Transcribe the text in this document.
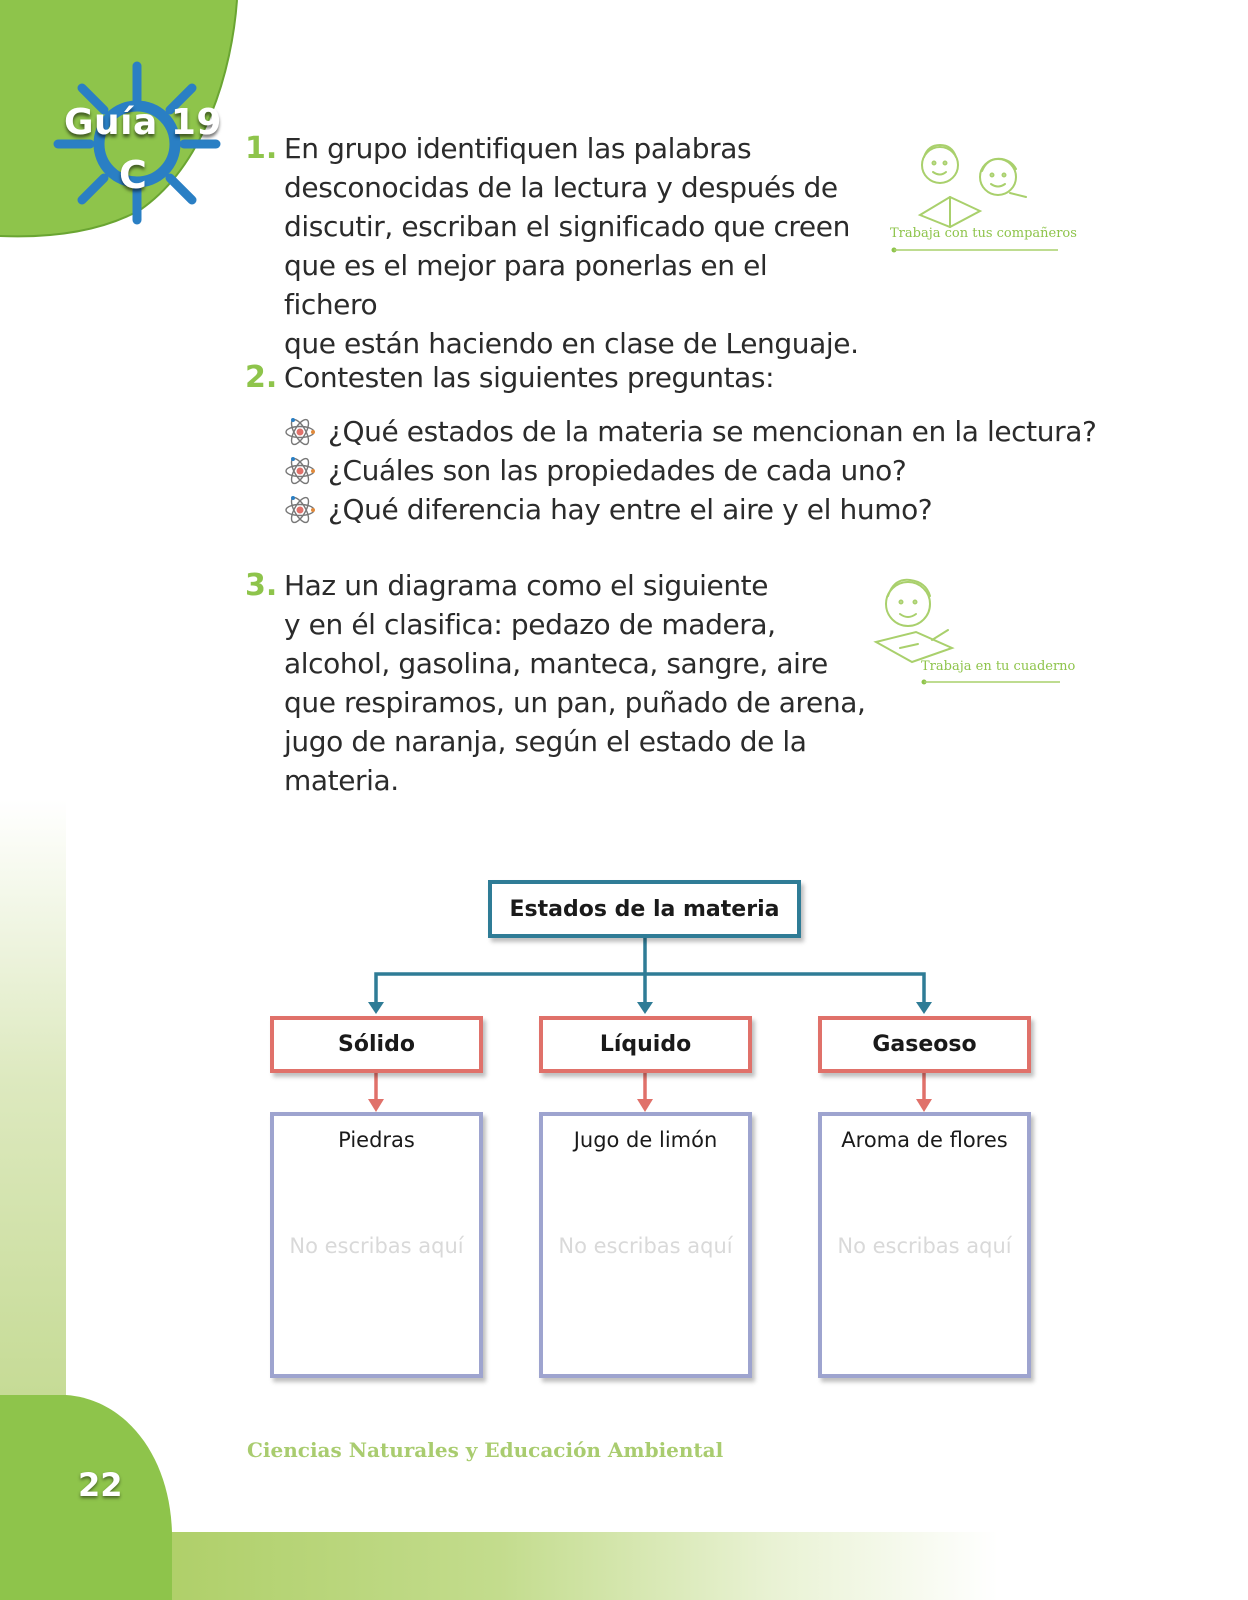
Guía 19
C
1. En grupo identifiquen las palabras
desconocidas de la lectura y después de
discutir, escriban el significado que creen
que es el mejor para ponerlas en el fichero
que están haciendo en clase de Lenguaje.
Trabaja con tus compañeros
2. Contesten las siguientes preguntas:
¿Qué estados de la materia se mencionan en la lectura?
¿Cuáles son las propiedades de cada uno?
¿Qué diferencia hay entre el aire y el humo?
3. Haz un diagrama como el siguiente
y en él clasifica: pedazo de madera,
alcohol, gasolina, manteca, sangre, aire
que respiramos, un pan, puñado de arena,
jugo de naranja, según el estado de la materia.
Trabaja en tu cuaderno
Estados de la materia
Sólido	Líquido	Gaseoso
Piedras
No escribas aquí
Jugo de limón
No escribas aquí
Aroma de flores
No escribas aquí
Ciencias Naturales y Educación Ambiental
22
